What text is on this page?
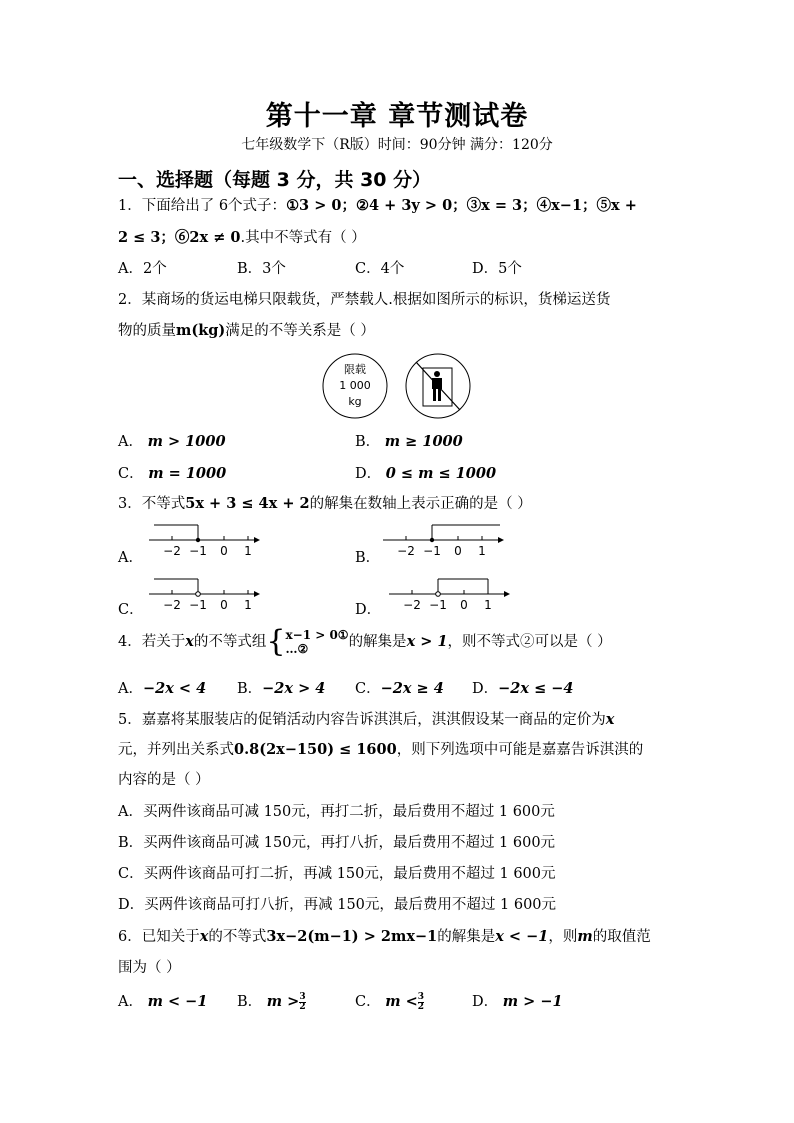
第十一章 章节测试卷
七年级数学下（R版）时间：90分钟 满分：120分
一、选择题（每题 3 分，共 30 分）
1．下面给出了 6个式子：①3 > 0；②4 + 3y > 0；③x = 3；④x−1；⑤x +
2 ≤ 3；⑥2x ≠ 0.其中不等式有（ ）
A．2个	B．3个	C．4个	D．5个
2．某商场的货运电梯只限载货，严禁载人.根据如图所示的标识，货梯运送货
物的质量m(kg)满足的不等关系是（ ）
限载
1 000
kg
A． m > 1000	B． m ≥ 1000
C． m = 1000	D． 0 ≤ m ≤ 1000
3．不等式5x + 3 ≤ 4x + 2的解集在数轴上表示正确的是（ ）
A． −2 −1 0 1	B． −2 −1 0 1
C． −2 −1 0 1	D． −2 −1 0 1
4．若关于x的不等式组{ x−1 > 0①
…②	的解集是x > 1，则不等式②可以是（ ）
A．−2x < 4 B．−2x > 4 C．−2x ≥ 4 D．−2x ≤ −4
5．嘉嘉将某服装店的促销活动内容告诉淇淇后，淇淇假设某一商品的定价为x
元，并列出关系式0.8(2x−150) ≤ 1600，则下列选项中可能是嘉嘉告诉淇淇的
内容的是（ ）
A．买两件该商品可减 150元，再打二折，最后费用不超过 1 600元
B．买两件该商品可减 150元，再打八折，最后费用不超过 1 600元
C．买两件该商品可打二折，再减 150元，最后费用不超过 1 600元
D．买两件该商品可打八折，再减 150元，最后费用不超过 1 600元
6．已知关于x的不等式3x−2(m−1) > 2mx−1的解集是x < −1，则m的取值范
围为（ ）
A． m < −1 B． $m > \frac{3}{2}$	C． $m < \frac{3}{2}$	D． m > −1
